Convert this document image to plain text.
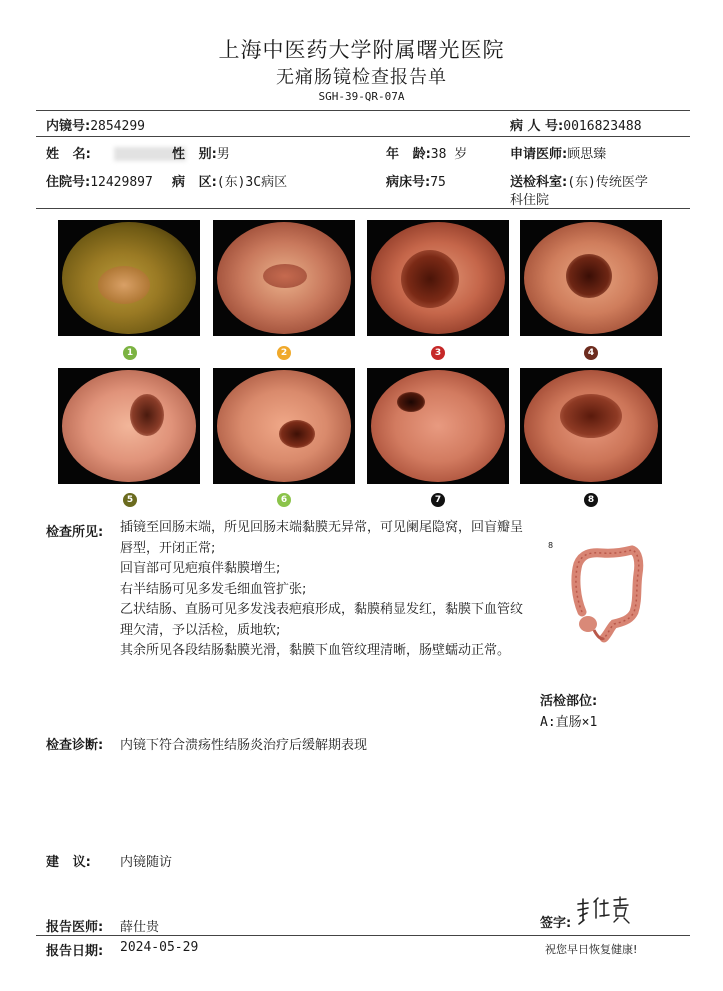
上海中医药大学附属曙光医院
无痛肠镜检查报告单
SGH-39-QR-07A
内镜号:2854299	病 人 号:0016823488
姓   名:	性   别:男	年   龄:38 岁	申请医师:顾思臻
住院号:12429897 病   区:(东)3C病区	病床号:75	送检科室:(东)传统医学
科住院
1	2	3	4
5	6	7	8
检查所见: 插镜至回肠末端，所见回肠末端黏膜无异常，可见阑尾隐窝，回盲瓣呈唇型，开闭正常;

回盲部可见疤痕伴黏膜增生;

右半结肠可见多发毛细血管扩张;

乙状结肠、直肠可见多发浅表疤痕形成，黏膜稍显发红，黏膜下血管纹理欠清，予以活检，质地软;

其余所见各段结肠黏膜光滑，黏膜下血管纹理清晰，肠壁蠕动正常。

8
活检部位:
A:直肠×1
检查诊断: 内镜下符合溃疡性结肠炎治疗后缓解期表现
建   议: 内镜随访
报告医师: 薛仕贵	签字:
报告日期: 2024-05-29	祝您早日恢复健康!
